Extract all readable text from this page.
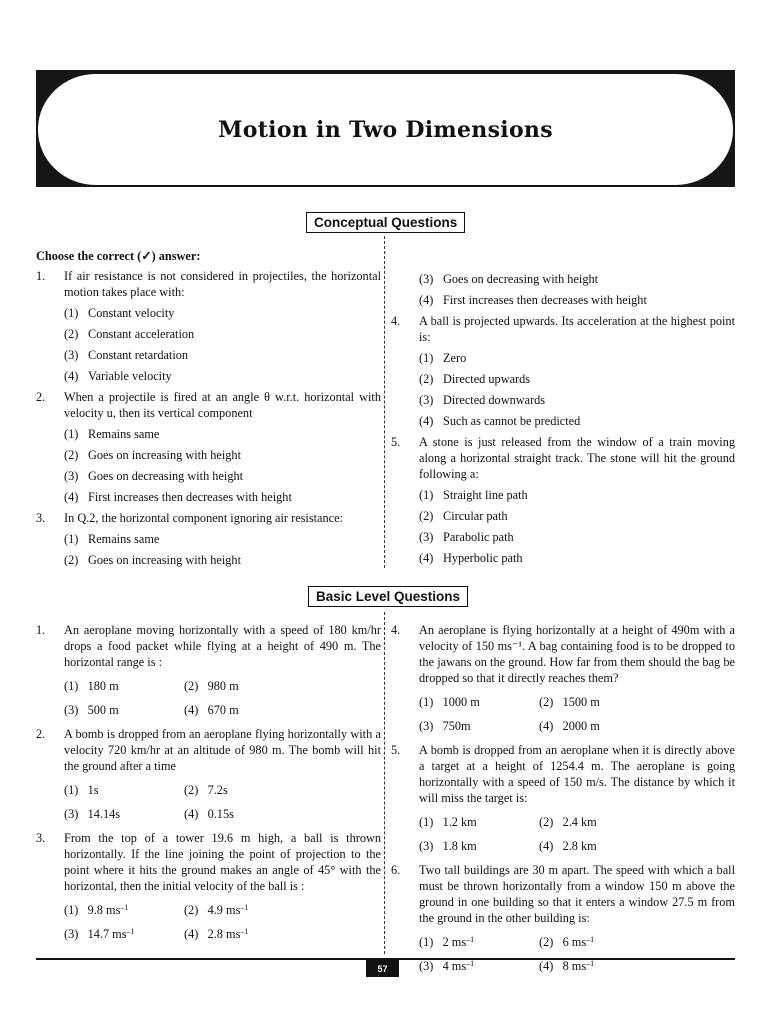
Motion in Two Dimensions
Conceptual Questions
Choose the correct (✓) answer:
1. If air resistance is not considered in projectiles, the horizontal motion takes place with:
(1) Constant velocity
(2) Constant acceleration
(3) Constant retardation
(4) Variable velocity
2. When a projectile is fired at an angle θ w.r.t. horizontal with velocity u, then its vertical component
(1) Remains same
(2) Goes on increasing with height
(3) Goes on decreasing with height
(4) First increases then decreases with height
3. In Q.2, the horizontal component ignoring air resistance:
(1) Remains same
(2) Goes on increasing with height
(3) Goes on decreasing with height
(4) First increases then decreases with height
4. A ball is projected upwards. Its acceleration at the highest point is:
(1) Zero
(2) Directed upwards
(3) Directed downwards
(4) Such as cannot be predicted
5. A stone is just released from the window of a train moving along a horizontal straight track. The stone will hit the ground following a:
(1) Straight line path
(2) Circular path
(3) Parabolic path
(4) Hyperbolic path
Basic Level Questions
1. An aeroplane moving horizontally with a speed of 180 km/hr drops a food packet while flying at a height of 490 m. The horizontal range is :
(1) 180 m	(2) 980 m
(3) 500 m	(4) 670 m
2. A bomb is dropped from an aeroplane flying horizontally with a velocity 720 km/hr at an altitude of 980 m. The bomb will hit the ground after a time
(1) 1s	(2) 7.2s
(3) 14.14s	(4) 0.15s
3. From the top of a tower 19.6 m high, a ball is thrown horizontally. If the line joining the point of projection to the point where it hits the ground makes an angle of 45° with the horizontal, then the initial velocity of the ball is :
(1) 9.8 $ms^{-1}$	(2) 4.9 $ms^{-1}$
(3) 14.7 $ms^{-1}$	(4) 2.8 $ms^{-1}$
4. An aeroplane is flying horizontally at a height of 490m with a velocity of 150 ms⁻¹. A bag containing food is to be dropped to the jawans on the ground. How far from them should the bag be dropped so that it directly reaches them?
(1) 1000 m	(2) 1500 m
(3) 750m	(4) 2000 m
5. A bomb is dropped from an aeroplane when it is directly above a target at a height of 1254.4 m. The aeroplane is going horizontally with a speed of 150 m/s. The distance by which it will miss the target is:
(1) 1.2 km	(2) 2.4 km
(3) 1.8 km	(4) 2.8 km
6. Two tall buildings are 30 m apart. The speed with which a ball must be thrown horizontally from a window 150 m above the ground in one building so that it enters a window 27.5 m from the ground in the other building is:
(1) 2 $ms^{-1}$	(2) 6 $ms^{-1}$
(3) 4 $ms^{-1}$	(4) 8 $ms^{-1}$
57
